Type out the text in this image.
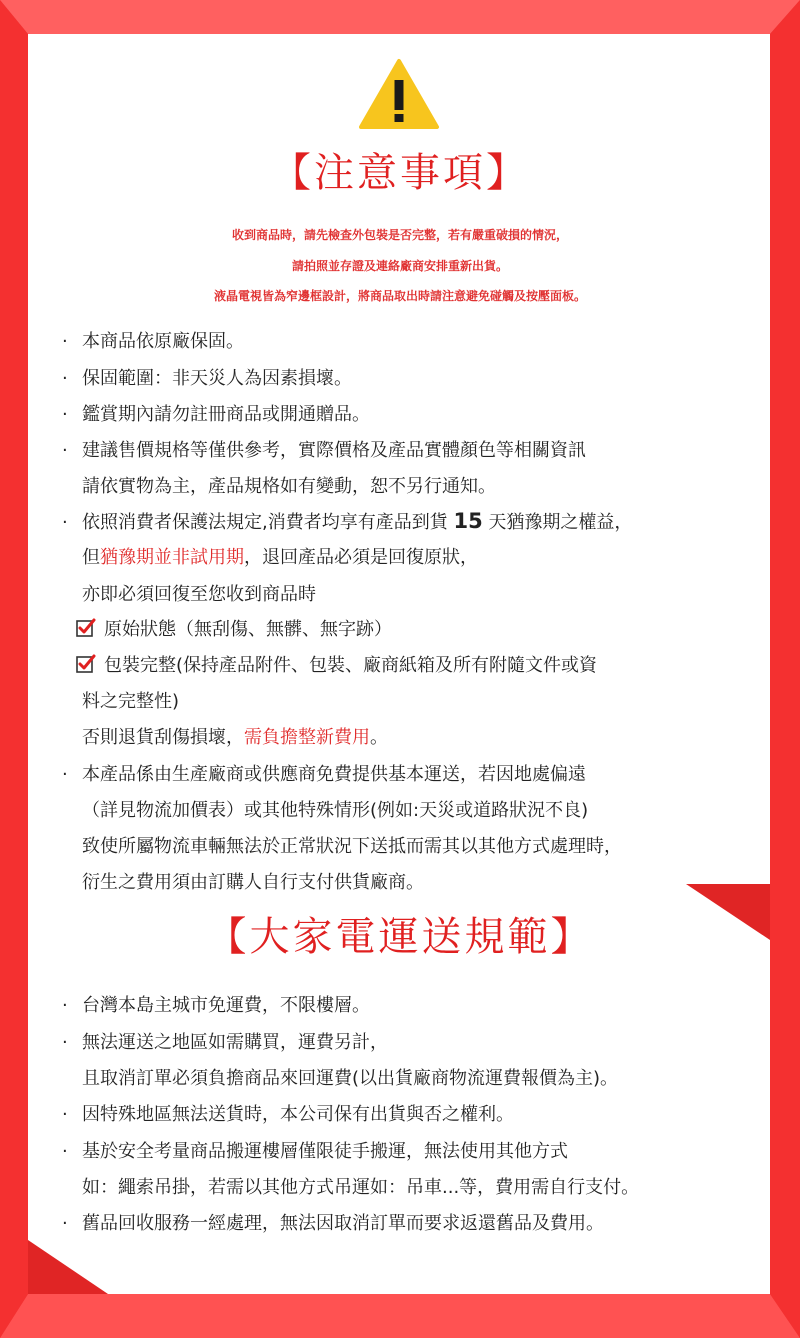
【注意事項】

收到商品時，請先檢查外包裝是否完整，若有嚴重破損的情況，

請拍照並存證及連絡廠商安排重新出貨。

液晶電視皆為窄邊框設計，將商品取出時請注意避免碰觸及按壓面板。

· 本商品依原廠保固。
· 保固範圍：非天災人為因素損壞。
· 鑑賞期內請勿註冊商品或開通贈品。
· 建議售價規格等僅供參考，實際價格及產品實體顏色等相關資訊
請依實物為主，產品規格如有變動，恕不另行通知。
· 依照消費者保護法規定,消費者均享有產品到貨 15 天猶豫期之權益，
但猶豫期並非試用期，退回產品必須是回復原狀，
亦即必須回復至您收到商品時
原始狀態（無刮傷、無髒、無字跡）
包裝完整(保持產品附件、包裝、廠商紙箱及所有附隨文件或資
料之完整性)
否則退貨刮傷損壞，需負擔整新費用。
· 本產品係由生產廠商或供應商免費提供基本運送，若因地處偏遠
（詳見物流加價表）或其他特殊情形(例如:天災或道路狀況不良)
致使所屬物流車輛無法於正常狀況下送抵而需其以其他方式處理時，
衍生之費用須由訂購人自行支付供貨廠商。
【大家電運送規範】
· 台灣本島主城市免運費，不限樓層。
· 無法運送之地區如需購買，運費另計，
且取消訂單必須負擔商品來回運費(以出貨廠商物流運費報價為主)。
· 因特殊地區無法送貨時，本公司保有出貨與否之權利。
· 基於安全考量商品搬運樓層僅限徒手搬運，無法使用其他方式
如：繩索吊掛，若需以其他方式吊運如：吊車...等，費用需自行支付。
· 舊品回收服務一經處理，無法因取消訂單而要求返還舊品及費用。
